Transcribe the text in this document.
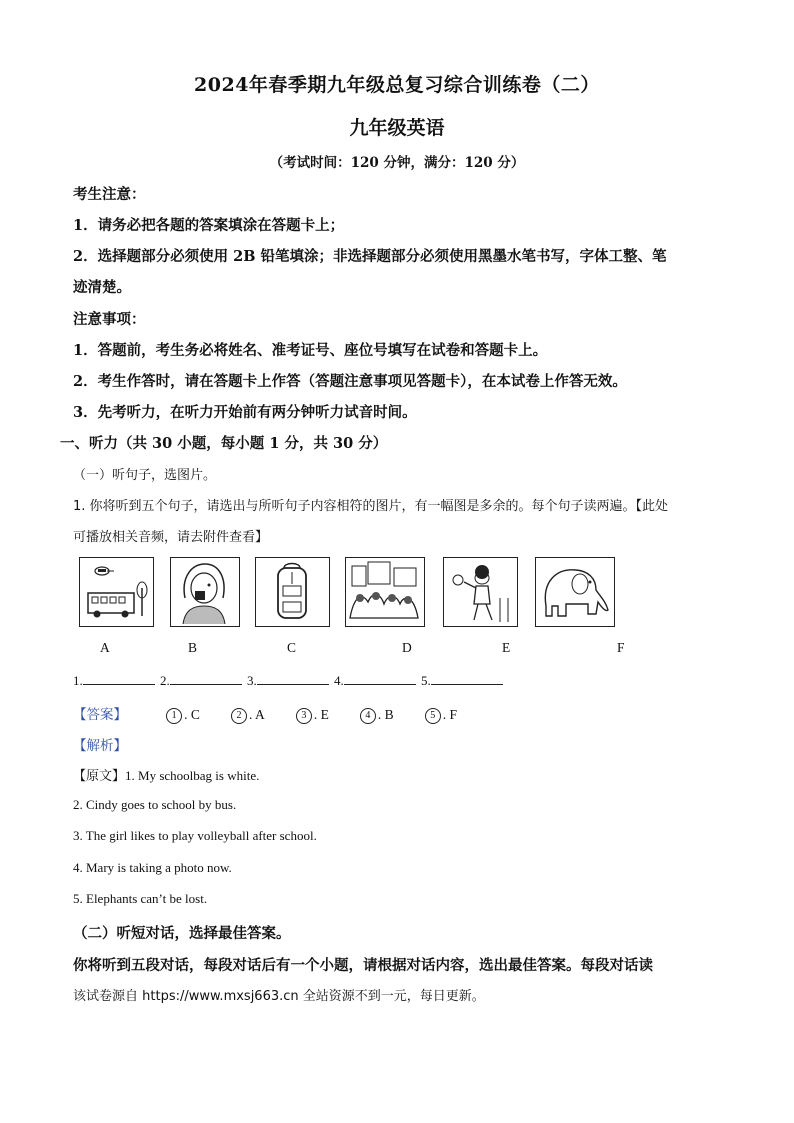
2024年春季期九年级总复习综合训练卷（二）
九年级英语
（考试时间：120 分钟，满分：120 分）
考生注意：
1．请务必把各题的答案填涂在答题卡上；
2．选择题部分必须使用 2B 铅笔填涂；非选择题部分必须使用黑墨水笔书写，字体工整、笔
迹清楚。
注意事项：
1．答题前，考生务必将姓名、准考证号、座位号填写在试卷和答题卡上。
2．考生作答时，请在答题卡上作答（答题注意事项见答题卡），在本试卷上作答无效。
3．先考听力，在听力开始前有两分钟听力试音时间。
一、听力（共 30 小题，每小题 1 分，共 30 分）
（一）听句子，选图片。
1. 你将听到五个句子，请选出与所听句子内容相符的图片，有一幅图是多余的。每个句子读两遍。【此处
可播放相关音频，请去附件查看】
A	B	C	D	E	F
1.	2.	3.	4.	5.
【答案】	1 . C	2 . A	3 . E	4 . B	5 . F
【解析】
【原文】1. My schoolbag is white.
2. Cindy goes to school by bus.
3. The girl likes to play volleyball after school.
4. Mary is taking a photo now.
5. Elephants can’t be lost.
（二）听短对话，选择最佳答案。
你将听到五段对话，每段对话后有一个小题，请根据对话内容，选出最佳答案。每段对话读
该试卷源自 https://www.mxsj663.cn 全站资源不到一元，每日更新。
